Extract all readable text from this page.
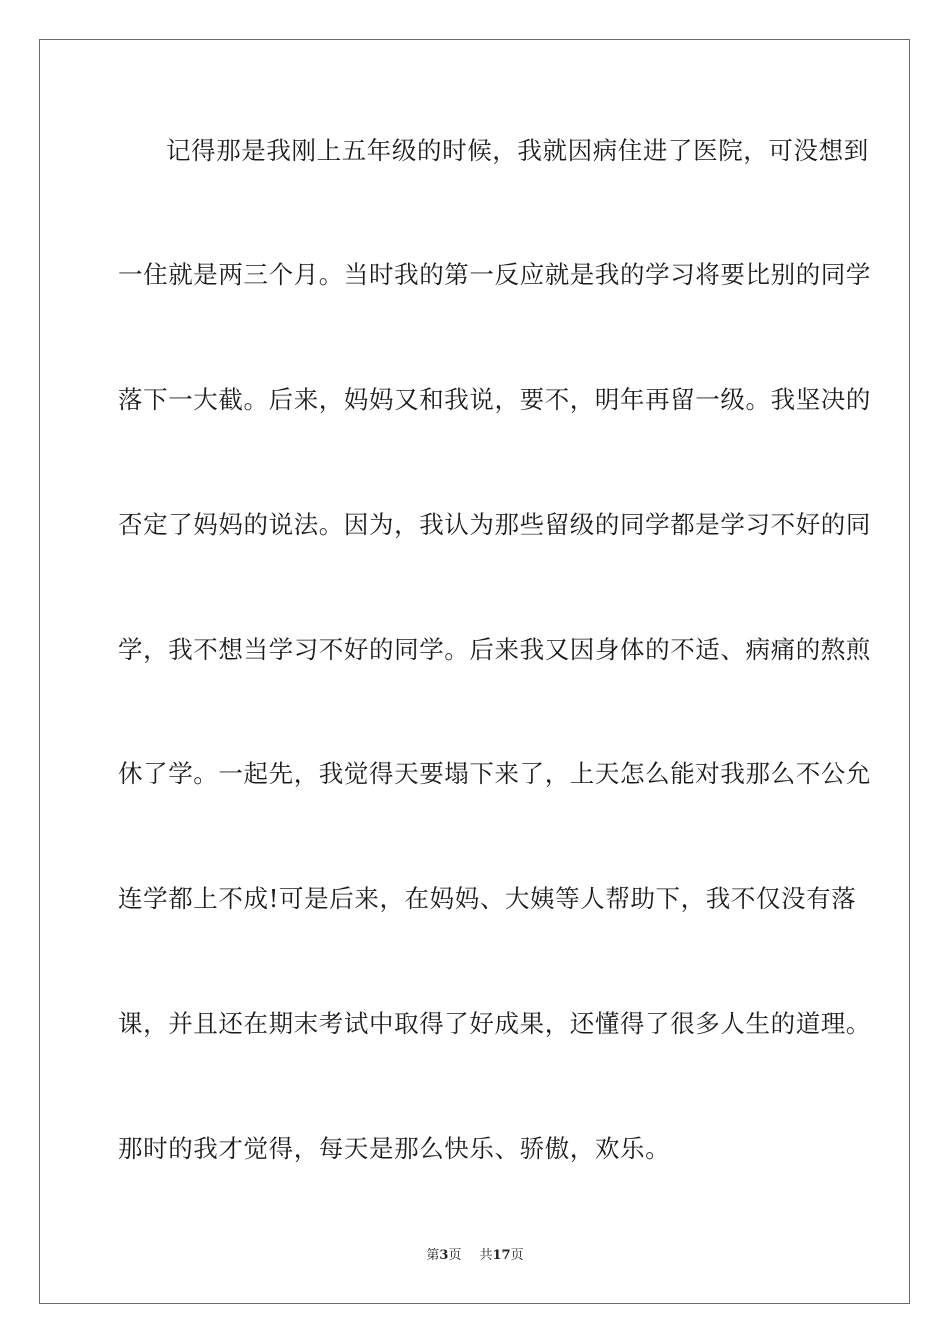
记得那是我刚上五年级的时候，我就因病住进了医院，可没想到
一住就是两三个月。当时我的第一反应就是我的学习将要比别的同学
落下一大截。后来，妈妈又和我说，要不，明年再留一级。我坚决的
否定了妈妈的说法。因为，我认为那些留级的同学都是学习不好的同
学，我不想当学习不好的同学。后来我又因身体的不适、病痛的熬煎
休了学。一起先，我觉得天要塌下来了，上天怎么能对我那么不公允
连学都上不成!可是后来，在妈妈、大姨等人帮助下，我不仅没有落
课，并且还在期末考试中取得了好成果，还懂得了很多人生的道理。
那时的我才觉得，每天是那么快乐、骄傲，欢乐。
第3页 共17页
